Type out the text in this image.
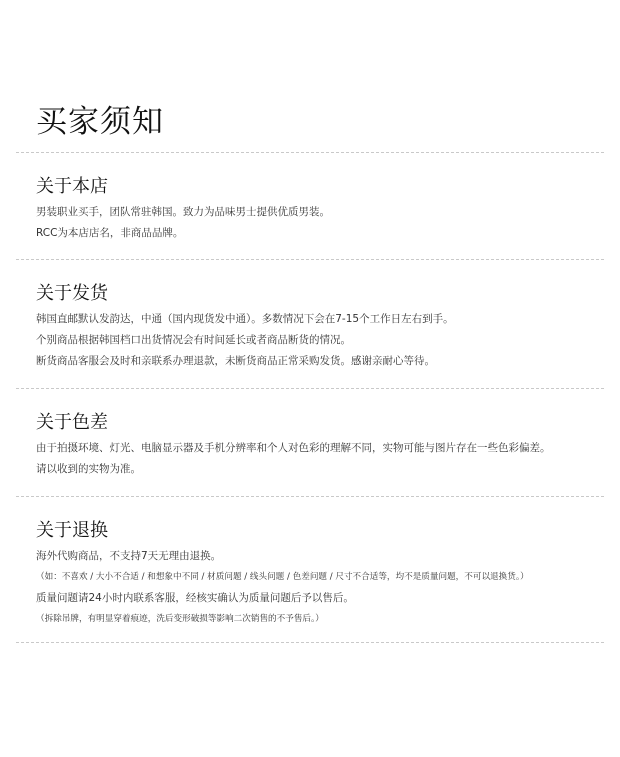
买家须知
关于本店
男装职业买手，团队常驻韩国。致力为品味男士提供优质男装。
RCC为本店店名，非商品品牌。
关于发货
韩国直邮默认发韵达，中通（国内现货发中通）。多数情况下会在7-15个工作日左右到手。
个别商品根据韩国档口出货情况会有时间延长或者商品断货的情况。
断货商品客服会及时和亲联系办理退款，未断货商品正常采购发货。感谢亲耐心等待。
关于色差
由于拍摄环境、灯光、电脑显示器及手机分辨率和个人对色彩的理解不同，实物可能与图片存在一些色彩偏差。
请以收到的实物为准。
关于退换
海外代购商品，不支持7天无理由退换。
（如：不喜欢 / 大小不合适 / 和想象中不同 / 材质问题 / 线头问题 / 色差问题 / 尺寸不合适等，均不是质量问题，不可以退换货。）
质量问题请24小时内联系客服，经核实确认为质量问题后予以售后。
（拆除吊牌，有明显穿着痕迹，洗后变形破损等影响二次销售的不予售后。）
